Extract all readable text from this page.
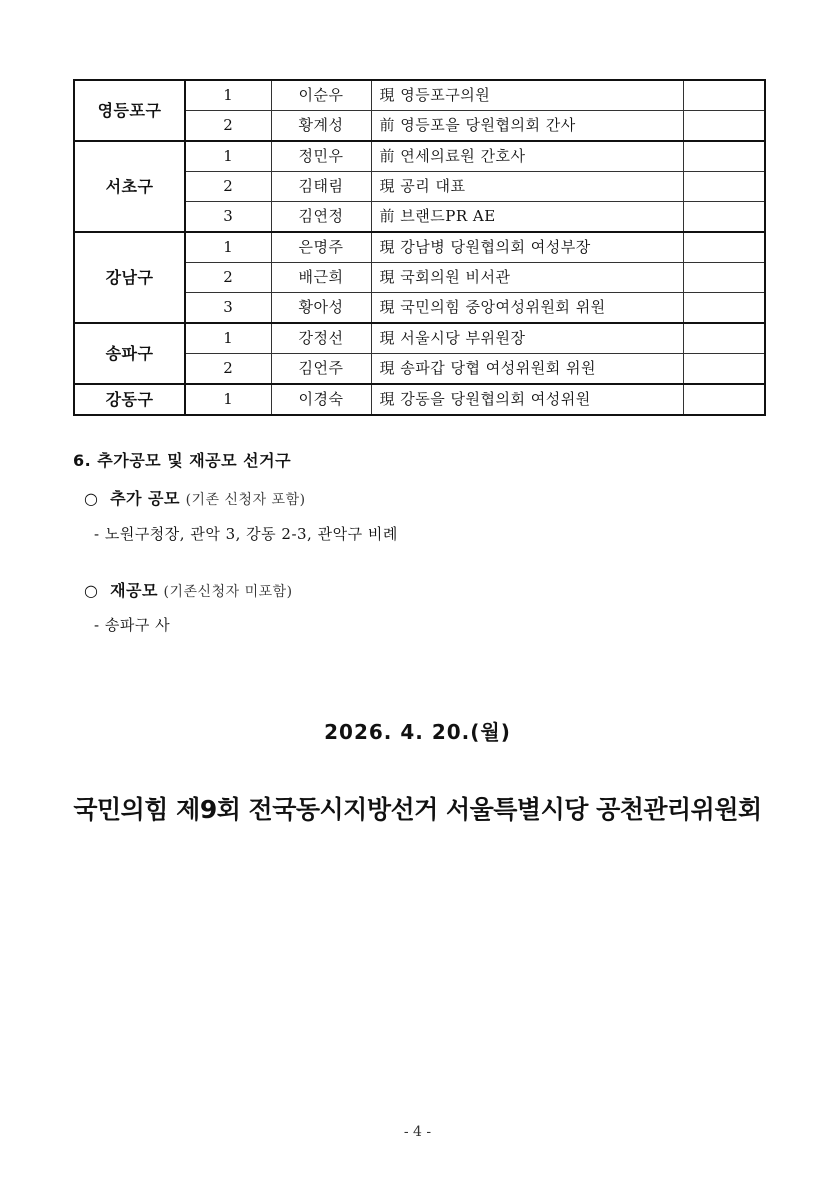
영등포구	1	이순우	現 영등포구의원	
	2	황계성	前 영등포을 당원협의회 간사	
서초구	1	정민우	前 연세의료원 간호사	
	2	김태림	現 공리 대표	
	3	김연정	前 브랜드PR AE	
강남구	1	은명주	現 강남병 당원협의회 여성부장	
	2	배근희	現 국회의원 비서관	
	3	황아성	現 국민의힘 중앙여성위원회 위원	
송파구	1	강정선	現 서울시당 부위원장	
	2	김언주	現 송파갑 당협 여성위원회 위원	
강동구	1	이경숙	現 강동을 당원협의회 여성위원	
6. 추가공모 및 재공모 선거구
○ 추가 공모 (기존 신청자 포함)
- 노원구청장, 관악 3, 강동 2-3, 관악구 비례
○ 재공모 (기존신청자 미포함)
- 송파구 사
2026. 4. 20.(월)
국민의힘 제9회 전국동시지방선거 서울특별시당 공천관리위원회
- 4 -
